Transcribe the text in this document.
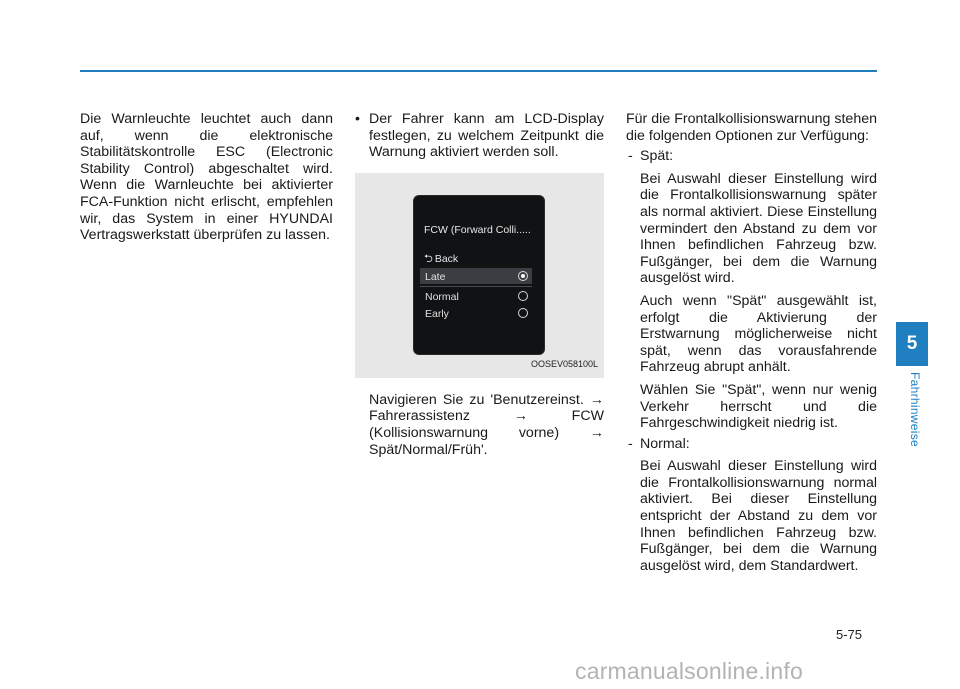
Die Warnleuchte leuchtet auch dann auf, wenn die elektronische Stabilitätskontrolle ESC (Electronic Stability Control) abgeschaltet wird. Wenn die Warnleuchte bei aktivierter FCA-Funktion nicht erlischt, empfehlen wir, das System in einer HYUNDAI Vertragswerkstatt überprüfen zu lassen.

• Der Fahrer kann am LCD-Display festlegen, zu welchem Zeitpunkt die Warnung aktiviert werden soll.

FCW (Forward Colli.....
⮌ Back
Late
Normal
Early
OOSEV058100L

Navigieren Sie zu 'Benutzereinst. → Fahrerassistenz → FCW (Kollisionswarnung vorne) → Spät/Normal/Früh'.

Für die Frontalkollisionswarnung stehen die folgenden Optionen zur Verfügung:

- Spät:

Bei Auswahl dieser Einstellung wird die Frontalkollisionswarnung später als normal aktiviert. Diese Einstellung vermindert den Abstand zu dem vor Ihnen befindlichen Fahrzeug bzw. Fußgänger, bei dem die Warnung ausgelöst wird.

Auch wenn "Spät" ausgewählt ist, erfolgt die Aktivierung der Erstwarnung möglicherweise nicht spät, wenn das vorausfahrende Fahrzeug abrupt anhält.

Wählen Sie "Spät", wenn nur wenig Verkehr herrscht und die Fahrgeschwindigkeit niedrig ist.

- Normal:

Bei Auswahl dieser Einstellung wird die Frontalkollisionswarnung normal aktiviert. Bei dieser Einstellung entspricht der Abstand zu dem vor Ihnen befindlichen Fahrzeug bzw. Fußgänger, bei dem die Warnung ausgelöst wird, dem Standardwert.

5
Fahrhinweise
5-75
carmanualsonline.info
